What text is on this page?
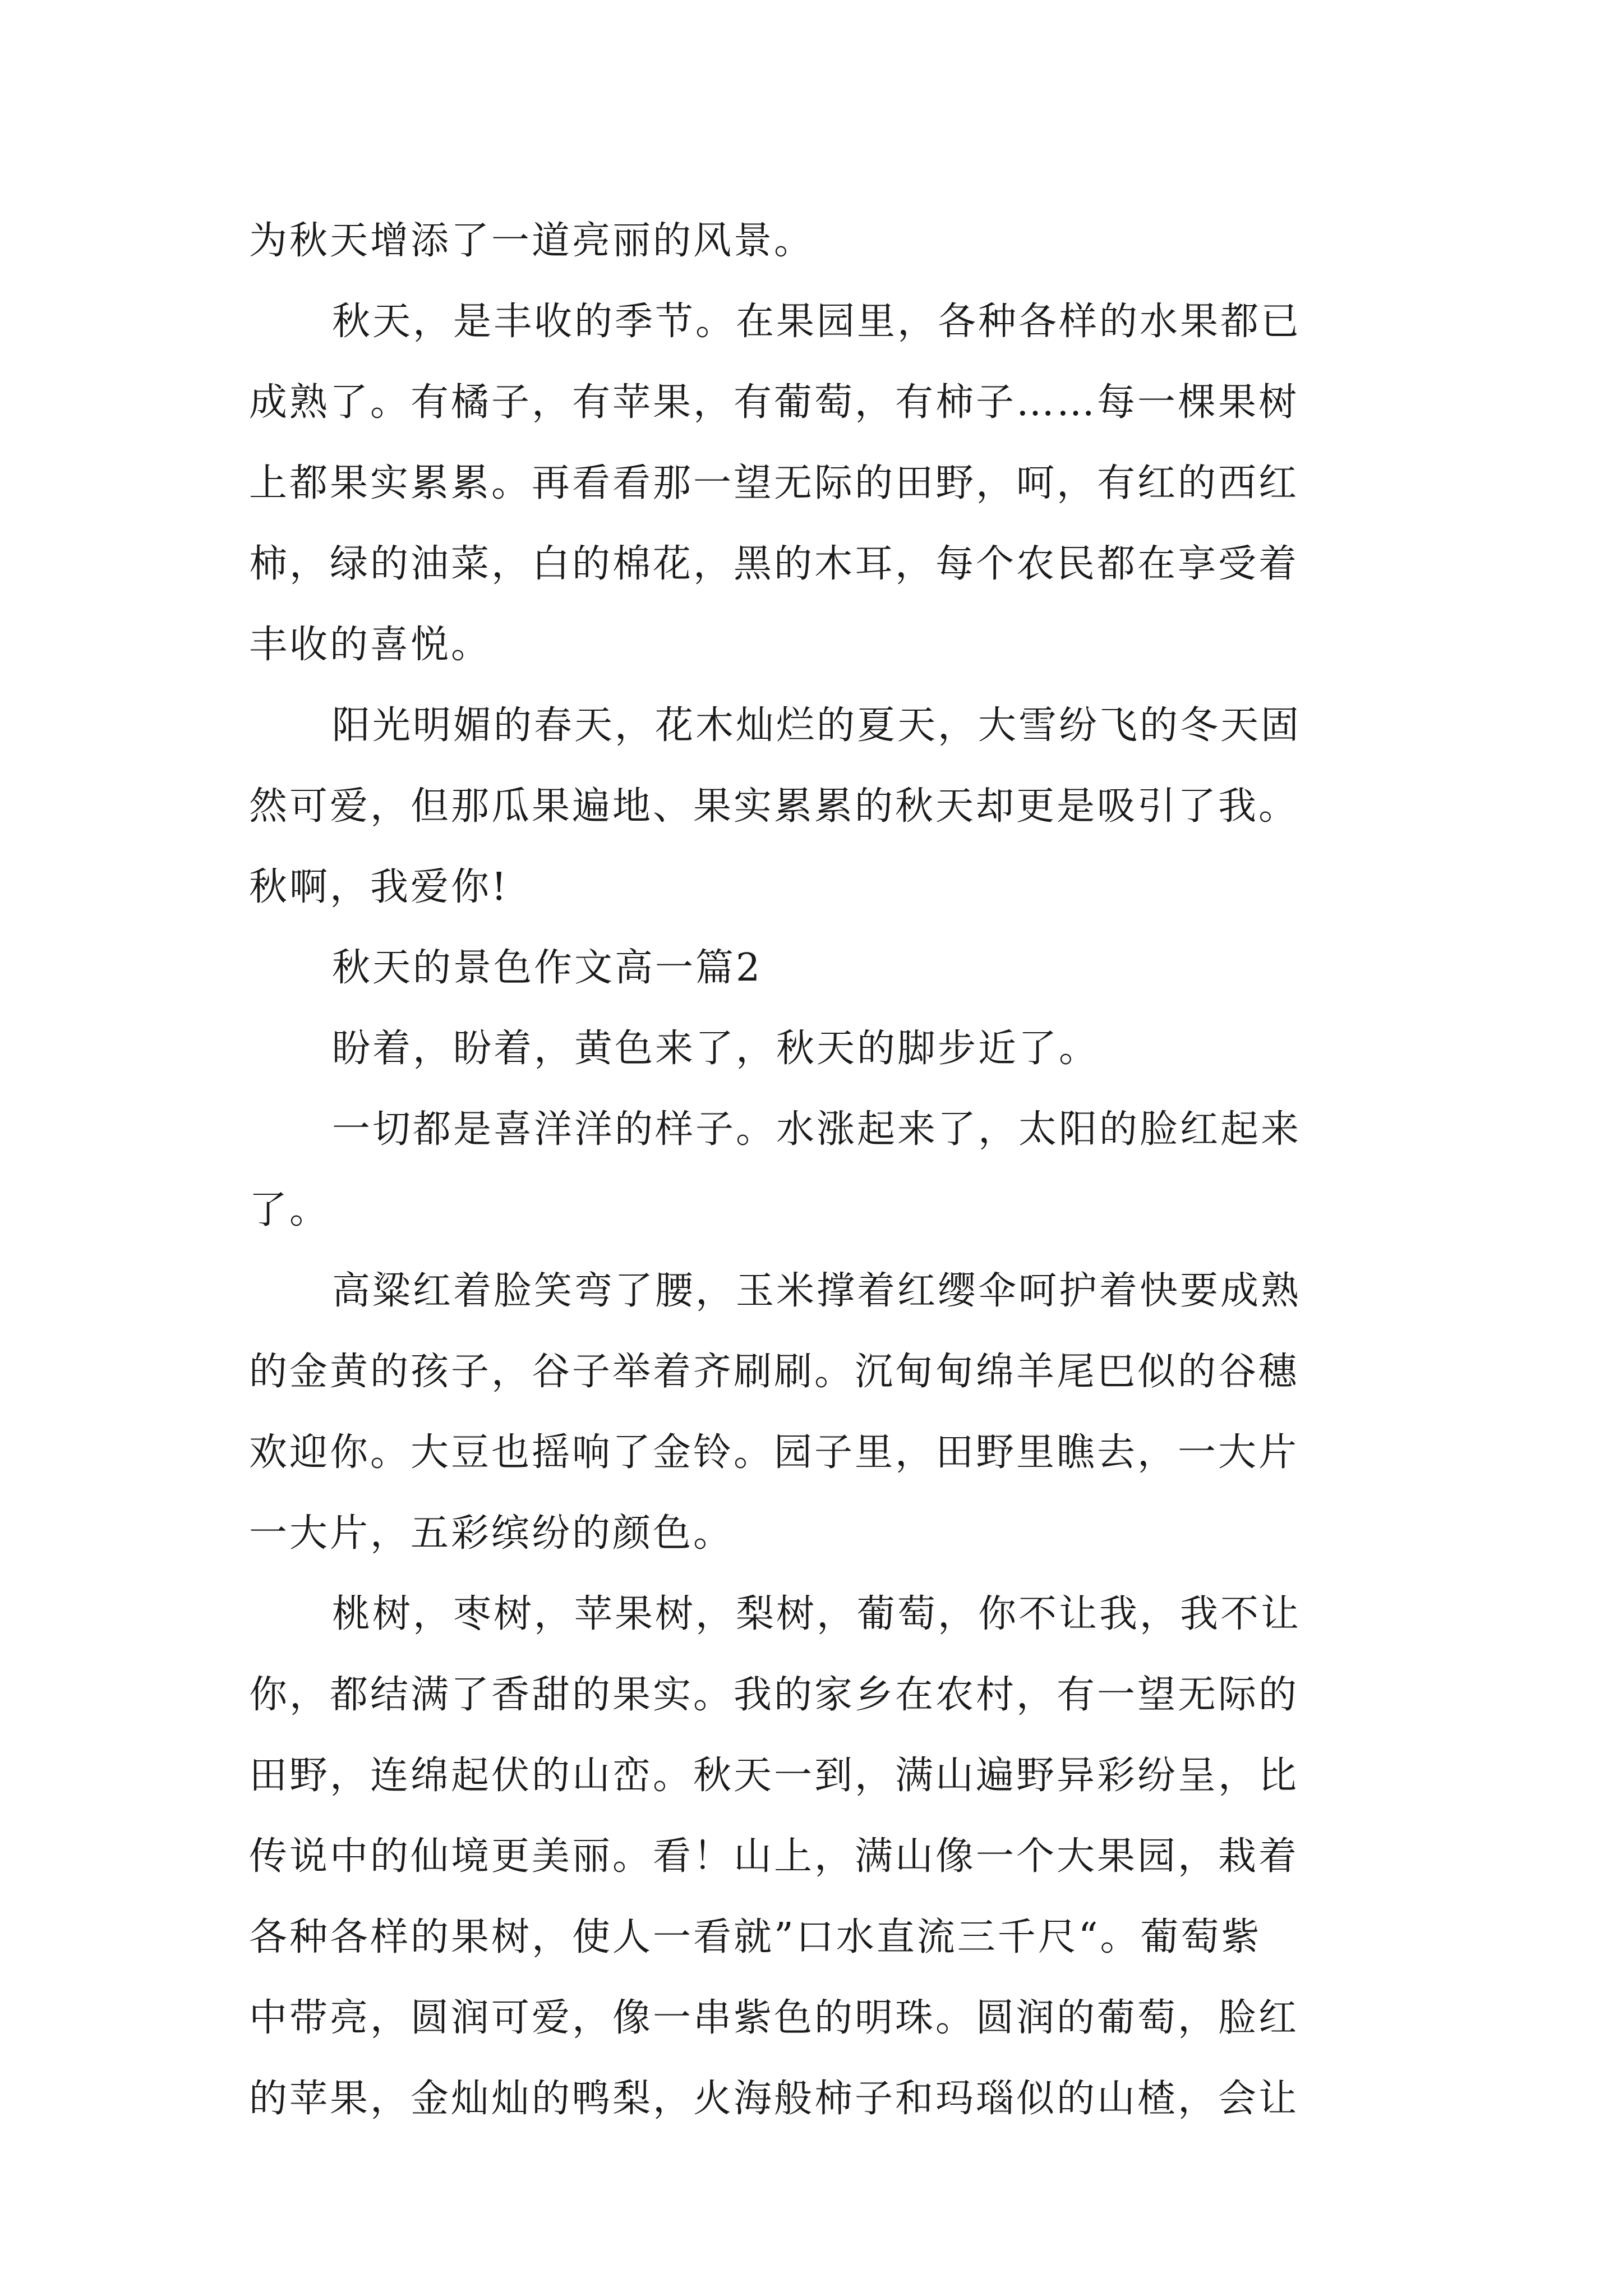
为秋天增添了一道亮丽的风景。
秋天，是丰收的季节。在果园里，各种各样的水果都已
成熟了。有橘子，有苹果，有葡萄，有柿子……每一棵果树
上都果实累累。再看看那一望无际的田野，呵，有红的西红
柿，绿的油菜，白的棉花，黑的木耳，每个农民都在享受着
丰收的喜悦。
阳光明媚的春天，花木灿烂的夏天，大雪纷飞的冬天固
然可爱，但那瓜果遍地、果实累累的秋天却更是吸引了我。
秋啊，我爱你!
秋天的景色作文高一篇2
盼着，盼着，黄色来了，秋天的脚步近了。
一切都是喜洋洋的样子。水涨起来了，太阳的脸红起来
了。
高粱红着脸笑弯了腰，玉米撑着红缨伞呵护着快要成熟
的金黄的孩子，谷子举着齐刷刷。沉甸甸绵羊尾巴似的谷穗
欢迎你。大豆也摇响了金铃。园子里，田野里瞧去，一大片
一大片，五彩缤纷的颜色。
桃树，枣树，苹果树，梨树，葡萄，你不让我，我不让
你，都结满了香甜的果实。我的家乡在农村，有一望无际的
田野，连绵起伏的山峦。秋天一到，满山遍野异彩纷呈，比
传说中的仙境更美丽。看！山上，满山像一个大果园，栽着
各种各样的果树，使人一看就”口水直流三千尺“。葡萄紫
中带亮，圆润可爱，像一串紫色的明珠。圆润的葡萄，脸红
的苹果，金灿灿的鸭梨，火海般柿子和玛瑙似的山楂，会让
